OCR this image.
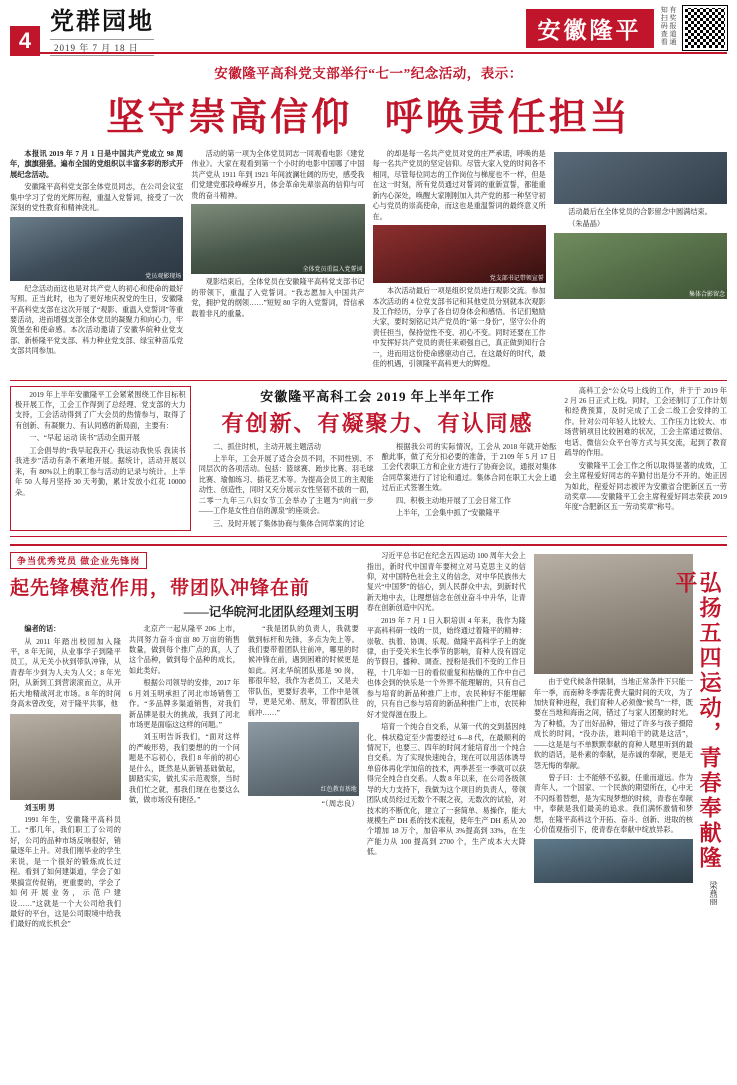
4
党群园地
2019 年 7 月 18 日
安徽隆平	有奖报道通知扫码查看
安徽隆平高科党支部举行“七一”纪念活动，表示：
坚守崇高信仰 呼唤责任担当

本报讯 2019 年 7 月 1 日是中国共产党成立 98 周年，旗旗猎猎。遍布全国的党组织以丰富多彩的形式开展纪念活动。

安徽隆平高科党支部全体党员同志，在公司会议室集中学习了党的光辉历程，重温入党誓词，接受了一次深刻的党性教育和精神洗礼。

党员观影现场

纪念活动而这也是对共产党人的初心和使命的最好写照。正当此时，也为了更好地庆祝党的生日，安徽隆平高科党支部在这次开展了“观影、重温入党誓词”等重要活动，进而增强支部全体党员的凝聚力和向心力，牢筑堡垒和使命感。本次活动邀请了安徽华皖种业党支部、新桥隆平党支部、科力种业党支部、绿宝种苗瓜党支部共同参加。

活动的第一项为全体党员同志一同观看电影《建党伟业》。大家在观看到第一个小时的电影中国哪了中国共产党从 1911 年到 1921 年间波澜壮阔的历史，感受我们党建党那段峥嵘岁月，体会革命先辈崇高的信仰与可贵的奋斗精神。

全体党员重温入党誓词

观影结束后，全体党员在安徽隆平高科党支部书记的带领下，重温了入党誓词。“我志愿加入中国共产党，拥护党的纲领……”短短 80 字的入党誓词，背信承载着非凡的重量。

的却是每一名共产党员对党的庄严承诺，呼唤的是每一名共产党员的坚定信仰。尽管大家入党的时间各不相同，尽管每位同志的工作岗位与梯度也不一样，但是在这一时刻，所有党员通过对誓词的重新宣誓，都能重新内心深处，唤醒大家刚刚加入共产党的那一种坚守初心与党员的崇高使命，而这也是重温誓词的最终意义所在。

党支部书记带领宣誓

本次活动最后一项是组织党员进行观影交流。参加本次活动的 4 位党支部书记和其他党员分别就本次观影及工作经历，分享了各自切身体会和感悟。书记们勉励大家，要时刻铭记共产党员的“第一身份”，坚守公仆的责任担当，保持觉性不变、初心不变。同时还要在工作中发挥好共产党员的责任来顽强自己，真正做到知行合一，进而用这份使命感驱动自己，在这最好的时代，最佳的机遇，引领隆平高科更大的辉煌。

活动最后在全体党员的合影留念中圆满结束。

（朱晶晶）

集体合影留念

2019 年上半年安徽隆平工会紧紧围绕工作目标积极开展工作，工会工作得到了总经理、党支部的大力支持，工会活动得到了广大会员的热情参与，取得了有创新、有凝聚力、有认同感的新局面，主要有：

一、“早起 运动 读书”活动全面开展

工会倡导的“我早起我开心 我运动我快乐 我读书我进步”活动有条不紊地开展。据统计，活动开展以来，有 80%以上的职工参与活动的记录与统计。上半年 50 人每月坚持 30 天考勤，累计发放小红花 10000 朵。

安徽隆平高科工会 2019 年上半年工作
有创新、有凝聚力、有认同感

二、抓住时机，主动开展主题活动

上半年，工会开展了适合会员不同，不同性别、不同层次的各项活动。包括：篮球赛、跆步比赛、羽毛球比赛、瑜伽练习、插花艺术等。为提高会员工的主观能动性、创造性，同时又充分展示女性坚韧不拔的一面，二零一九年三八妇女节工会举办了主题为“向前一步——工作是女性自信的源泉”的座谈会。

三、及时开展了集体协商与集体合同草案的讨论

根据我公司的实际情况，工会从 2018 年就开始酝酿此事，做了充分扣必要的准备，于 2109 年 5 月 17 日工会代表职工方和企业方进行了协商会议，通报对集体合同草案进行了讨论和通过。集体合同在职工大会上通过后正式签署生效。

四、积极主动地开展了工会日常工作

上半年，工会集中抓了“安徽隆平

高科工会“公众号上线的工作，并于于 2019 年 2 月 26 日正式上线。同时，工会还制订了工作计划和经费预算，及时完成了工会二级工会安排的工作。针对公司年轻人比较大、工作压力比较大、市场营销项目比较困难的状况，工会主席通过微信、电话、微信公众平台等方式与其交流，起到了教育疏导的作用。

安徽隆平工会工作之所以取得显著的成效，工会主席程爱好同志的辛勤付出是分不开的。她正因为如此，程爱好同志被评为安徽省合肥新区五一劳动奖章——安徽隆平工会主席程爱好同志荣获 2019 年度“合肥新区五一劳动奖章”称号。

争当优秀党员 做企业先锋岗
起先锋模范作用，带团队冲锋在前
——记华皖河北团队经理刘玉明

编者的话：

从 2011 年踏出校园加入隆平，8 年无间，从业事学子到隆平员工，从无关小伙到带队冲锋，从青春年少到为人夫为人父；8 年光阴，从新到工到营滚滚而立，从开拓大地精战河北市场。8 年的时间身高未曾改变，对于隆平共事，他

刘玉明 男

1991 年生，安徽隆平高科员工。“那几年，我们职工了公司的好，公司的品种市场反响很好，销量逐年上升。对我们刚毕业的学生来说，是一个很好的锻炼成长过程。看到了如何建渠道，学会了如果搞宣传促销，更重要的，学会了如何开展业务，示范户建设……”这就是一个大公司给我们最好的平台，这是公司眼境中给我们最好的成长机会”

北京产一起从隆平 206 上市，共同努力奋斗亩亩 80 万亩的销售数量，做到每个推广点的真，人了这个品种，做到每个品种的成长，如此类好。

根据公司领导的安排，2017 年 6 月刘玉明承担了河北市场销售工作。“多品牌多渠道销售，对我们新品牌是很大的挑战，我到了河北市场更是面临这这样的问题。”

刘玉明告诉我们，“面对这样的严峻形势，我们要想的的一个问题是不忘初心，我们 8 年前的初心是什么，既然是从新销基础做起，脚踏实实，做扎实示范观察，当时我们忙之就，那我们现在也要这么做，做市场没有捷径。”

“我是团队的负责人，我就要做到标杆和先锋，多点为先上等。我们要带着团队往前冲，哪里的时候冲锋在前，遇到困难的时候更是如此。河北华皖团队那是 90 岗，都很年轻，我作为老员工，又是夫带队伍，更要好表率，工作中是领导，更是兄弟、朋友，带着团队往前冲……”

红色教育基地

“（周志良）

习近平总书记在纪念五四运动 100 周年大会上指出，新时代中国青年要树立对马克思主义的信仰，对中国特色社会主义的信念，对中华民族伟大复兴“中国梦”的信心，到人民群众中去，到新时代新天地中去，让理想信念在创业奋斗中升华，让青春在创新创造中闪光。

2019 年 7 月 1 日入职培训 4 年来，我作为隆平高科科研一线的一员，始终通过着隆平的精神：崇敬、执着、协调、乐观。做隆平高科学子上的旋律，由于受关米生长季节的影响，育种人没有固定的节假日，播种、调查、授粉是我们不变的工作日程，十几年如一日的看似重复和枯燥的工作中自己也体会到的快乐是一个外界不能理解的，只有自己参与培育的新品种推广上市，农民种好不能埋解的，只有自己参与培育的新品种推广上市，农民种好才觉得滋在股上。

培育一个纯合自交系，从第一代的交到基因纯化、株状稳定至少需要经过 6—8 代，在最顺利的情况下，也要三、四年的时间才能培育出一个纯合自交系。为了实现快速纯合，现在可以用活体诱导单倍体再化学加倍的技术，两季甚至一季就可以获得完全纯合自交系。人数 8 年以来，在公司各级领导的大力支持下，我做为这个项目的负责人，带领团队成员经过无数个不眠之夜，无数次的试验，对技术的不断优化，建立了一套简单、易操作，能大规模生产 DH 系的技术流程，使年生产 DH 系从 20 个增加 18 万个，加倍率从 3%提高到 33%，在生产能力从 100 提高到 2700 个，生产成本大大降低。

由于党代候条件限制，当地正常条件下只能一年一季，而南种冬季需花费大量时间的天攻，为了加快育种进程，我们育种人必须像“候鸟”一样，既要在当地和海南之间，错过了与家人团聚的时光。为了种植，为了出好品种，错过了许多与孩子摄陪成长的时间，“没办法，谁叫咱干的就是这活”，——这是是与不单默默奉献的育种人嗯里听到的最软的语话，是朴素的奉献，是赤诚的奉献，更是无怨无悔的奉献。

曾子曰：士不能够不弘毅，任重而道远。作为青年人，一个国家、一个民族的期望所在，心中无不闪烁着替想，是为实现梦想的时候，青春在奉献中，奉献是我们最美的追求。我们满怀激情和梦想，在隆平高科这个开拓、奋斗、创新、进取的核心价值观指引下，使青春在奉献中绽放异彩。 弘扬五四运动，青春奉献隆平
梁燕丽
